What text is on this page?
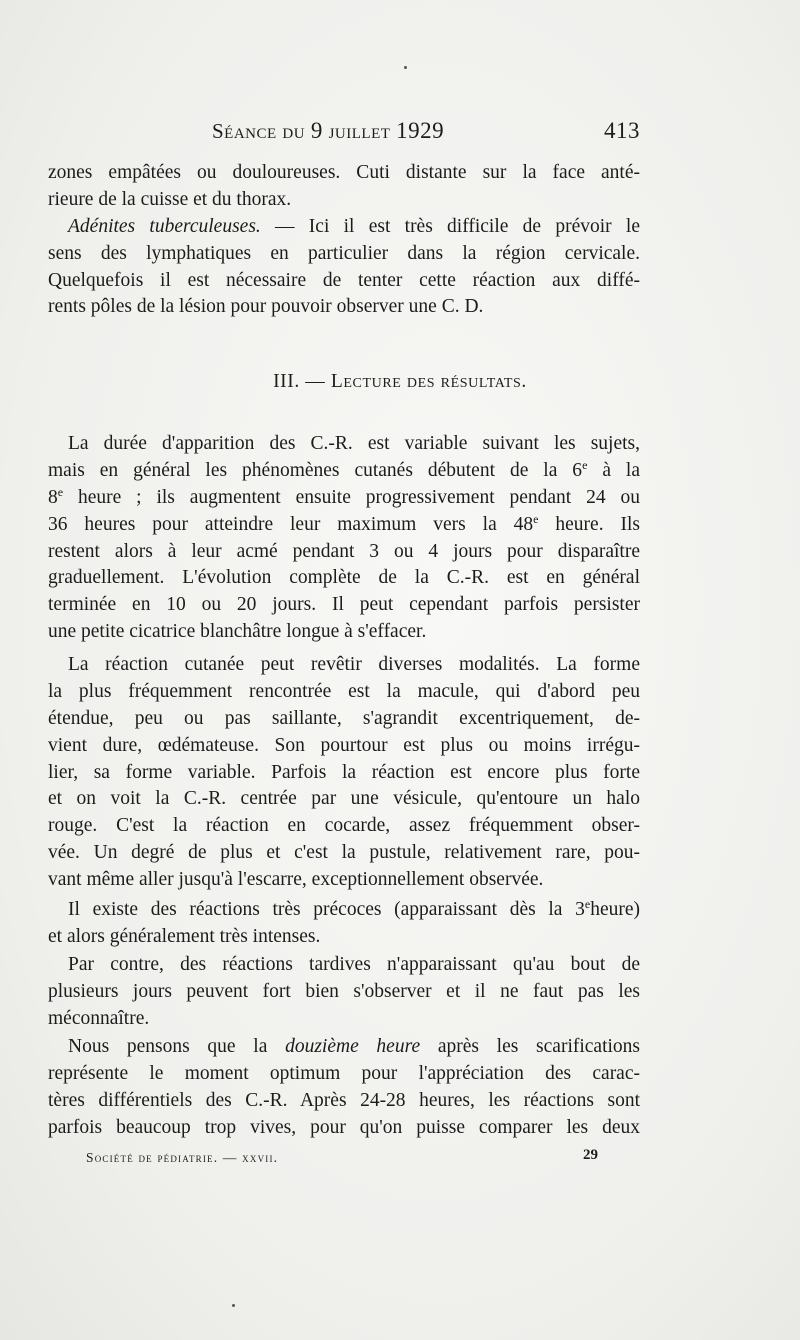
Séance du 9 juillet 1929	413
zones empâtées ou douloureuses. Cuti distante sur la face anté-
rieure de la cuisse et du thorax.
Adénites tuberculeuses. — Ici il est très difficile de prévoir le
sens des lymphatiques en particulier dans la région cervicale.
Quelquefois il est nécessaire de tenter cette réaction aux diffé-
rents pôles de la lésion pour pouvoir observer une C. D.
III. — Lecture des résultats.
La durée d'apparition des C.-R. est variable suivant les sujets,
mais en général les phénomènes cutanés débutent de la 6e à la
8e heure ; ils augmentent ensuite progressivement pendant 24 ou
36 heures pour atteindre leur maximum vers la 48e heure. Ils
restent alors à leur acmé pendant 3 ou 4 jours pour disparaître
graduellement. L'évolution complète de la C.-R. est en général
terminée en 10 ou 20 jours. Il peut cependant parfois persister
une petite cicatrice blanchâtre longue à s'effacer.
La réaction cutanée peut revêtir diverses modalités. La forme
la plus fréquemment rencontrée est la macule, qui d'abord peu
étendue, peu ou pas saillante, s'agrandit excentriquement, de-
vient dure, œdémateuse. Son pourtour est plus ou moins irrégu-
lier, sa forme variable. Parfois la réaction est encore plus forte
et on voit la C.-R. centrée par une vésicule, qu'entoure un halo
rouge. C'est la réaction en cocarde, assez fréquemment obser-
vée. Un degré de plus et c'est la pustule, relativement rare, pou-
vant même aller jusqu'à l'escarre, exceptionnellement observée.
Il existe des réactions très précoces (apparaissant dès la 3eheure)
et alors généralement très intenses.
Par contre, des réactions tardives n'apparaissant qu'au bout de
plusieurs jours peuvent fort bien s'observer et il ne faut pas les
méconnaître.
Nous pensons que la douzième heure après les scarifications
représente le moment optimum pour l'appréciation des carac-
tères différentiels des C.-R. Après 24-28 heures, les réactions sont
parfois beaucoup trop vives, pour qu'on puisse comparer les deux
Société de pédiatrie. — xxvii.	29
